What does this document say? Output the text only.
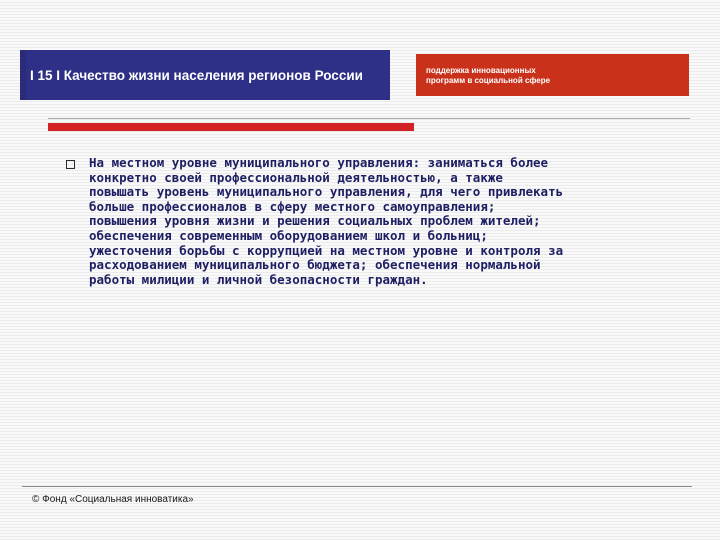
I 15 I Качество жизни населения регионов России	поддержка инновационных
программ в социальной сфере

На местном уровне муниципального управления: заниматься более
конкретно своей профессиональной деятельностью, а также
повышать уровень муниципального управления, для чего привлекать
больше профессионалов в сферу местного самоуправления;
повышения уровня жизни и решения социальных проблем жителей;
обеспечения современным оборудованием школ и больниц;
ужесточения борьбы с коррупцией на местном уровне и контроля за
расходованием муниципального бюджета; обеспечения нормальной
работы милиции и личной безопасности граждан.

© Фонд «Социальная инноватика»
